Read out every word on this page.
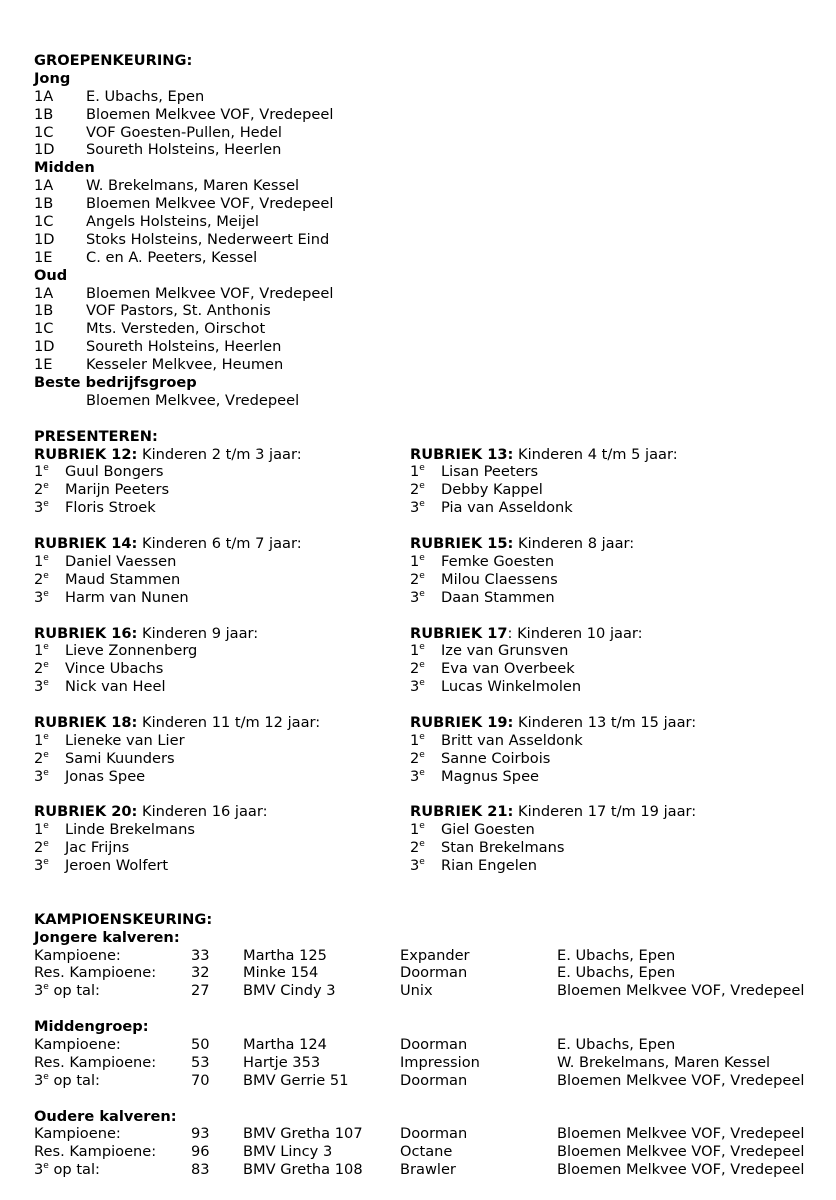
GROEPENKEURING:
Jong
1A E. Ubachs, Epen
1B Bloemen Melkvee VOF, Vredepeel
1C VOF Goesten-Pullen, Hedel
1D Soureth Holsteins, Heerlen
Midden
1A W. Brekelmans, Maren Kessel
1B Bloemen Melkvee VOF, Vredepeel
1C Angels Holsteins, Meijel
1D Stoks Holsteins, Nederweert Eind
1E C. en A. Peeters, Kessel
Oud
1A Bloemen Melkvee VOF, Vredepeel
1B VOF Pastors, St. Anthonis
1C Mts. Versteden, Oirschot
1D Soureth Holsteins, Heerlen
1E Kesseler Melkvee, Heumen
Beste bedrijfsgroep
Bloemen Melkvee, Vredepeel
PRESENTEREN:
RUBRIEK 12: Kinderen 2 t/m 3 jaar:
1e Guul Bongers
2e Marijn Peeters
3e Floris Stroek
RUBRIEK 13: Kinderen 4 t/m 5 jaar:
1e Lisan Peeters
2e Debby Kappel
3e Pia van Asseldonk
RUBRIEK 14: Kinderen 6 t/m 7 jaar:
1e Daniel Vaessen
2e Maud Stammen
3e Harm van Nunen
RUBRIEK 15: Kinderen 8 jaar:
1e Femke Goesten
2e Milou Claessens
3e Daan Stammen
RUBRIEK 16: Kinderen 9 jaar:
1e Lieve Zonnenberg
2e Vince Ubachs
3e Nick van Heel
RUBRIEK 17: Kinderen 10 jaar:
1e Ize van Grunsven
2e Eva van Overbeek
3e Lucas Winkelmolen
RUBRIEK 18: Kinderen 11 t/m 12 jaar:
1e Lieneke van Lier
2e Sami Kuunders
3e Jonas Spee
RUBRIEK 19: Kinderen 13 t/m 15 jaar:
1e Britt van Asseldonk
2e Sanne Coirbois
3e Magnus Spee
RUBRIEK 20: Kinderen 16 jaar:
1e Linde Brekelmans
2e Jac Frijns
3e Jeroen Wolfert
RUBRIEK 21: Kinderen 17 t/m 19 jaar:
1e Giel Goesten
2e Stan Brekelmans
3e Rian Engelen
KAMPIOENSKEURING:
Jongere kalveren:
Kampioene:	33 Martha 125	Expander	E. Ubachs, Epen
Res. Kampioene: 32 Minke 154	Doorman	E. Ubachs, Epen
3e op tal:	27 BMV Cindy 3	Unix	Bloemen Melkvee VOF, Vredepeel
Middengroep:
Kampioene:	50 Martha 124	Doorman	E. Ubachs, Epen
Res. Kampioene: 53 Hartje 353	Impression	W. Brekelmans, Maren Kessel
3e op tal:	70 BMV Gerrie 51	Doorman	Bloemen Melkvee VOF, Vredepeel
Oudere kalveren:
Kampioene:	93 BMV Gretha 107	Doorman	Bloemen Melkvee VOF, Vredepeel
Res. Kampioene: 96 BMV Lincy 3	Octane	Bloemen Melkvee VOF, Vredepeel
3e op tal:	83 BMV Gretha 108	Brawler	Bloemen Melkvee VOF, Vredepeel
